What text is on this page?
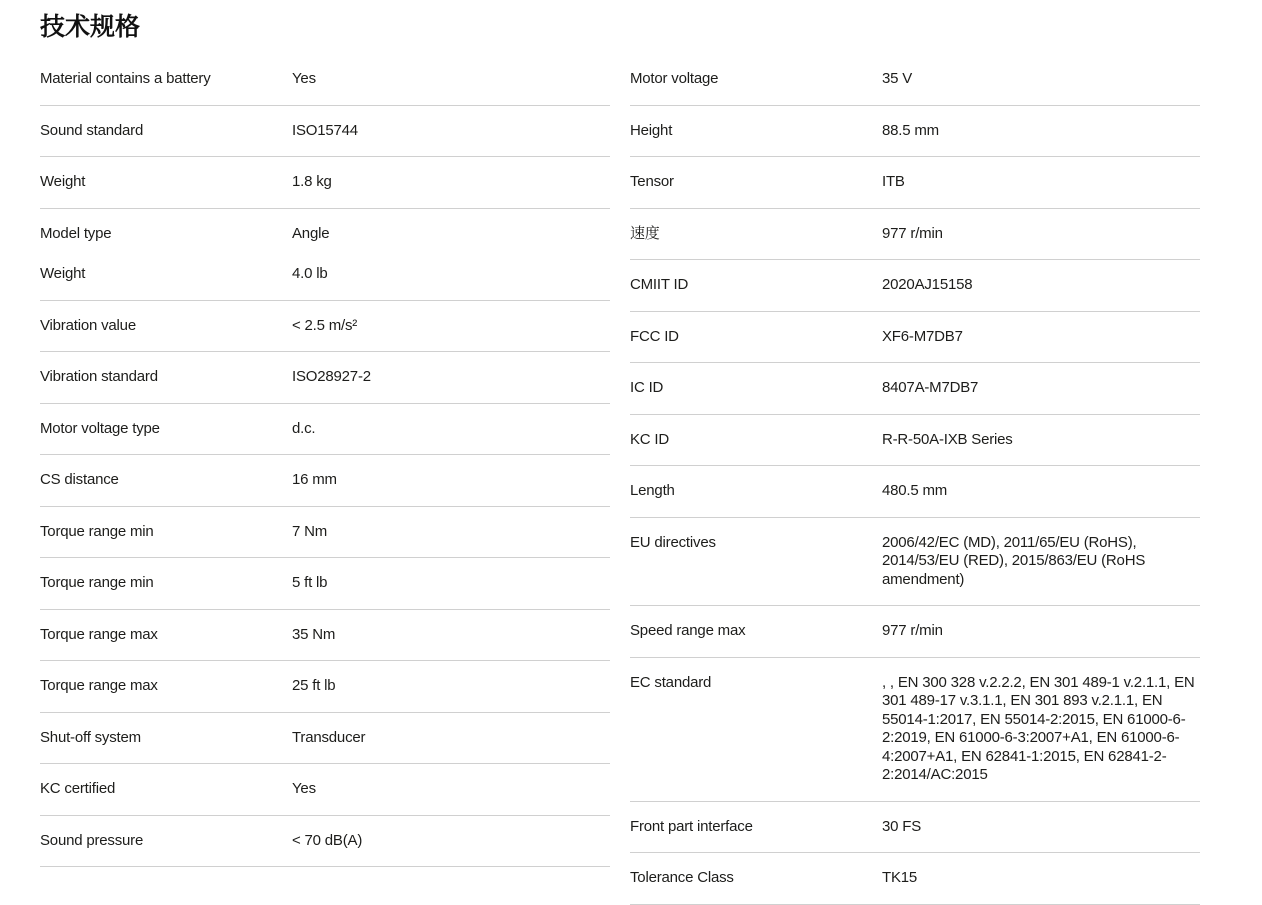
技术规格
Material contains a battery	Yes
Sound standard	ISO15744
Weight	1.8 kg
Model type	Angle
Weight	4.0 lb
Vibration value	< 2.5 m/s²
Vibration standard	ISO28927-2
Motor voltage type	d.c.
CS distance	16 mm
Torque range min	7 Nm
Torque range min	5 ft lb
Torque range max	35 Nm
Torque range max	25 ft lb
Shut-off system	Transducer
KC certified	Yes
Sound pressure	< 70 dB(A)
Motor voltage	35 V
Height	88.5 mm
Tensor	ITB
速度	977 r/min
CMIIT ID	2020AJ15158
FCC ID	XF6-M7DB7
IC ID	8407A-M7DB7
KC ID	R-R-50A-IXB Series
Length	480.5 mm
EU directives	2006/42/EC (MD), 2011/65/EU (RoHS), 2014/53/EU (RED), 2015/863/EU (RoHS amendment)
Speed range max	977 r/min
EC standard	, , EN 300 328 v.2.2.2, EN 301 489-1 v.2.1.1, EN 301 489-17 v.3.1.1, EN 301 893 v.2.1.1, EN 55014-1:2017, EN 55014-2:2015, EN 61000-6-2:2019, EN 61000-6-3:2007+A1, EN 61000-6-4:2007+A1, EN 62841-1:2015, EN 62841-2-2:2014/AC:2015
Front part interface	30 FS
Tolerance Class	TK15
